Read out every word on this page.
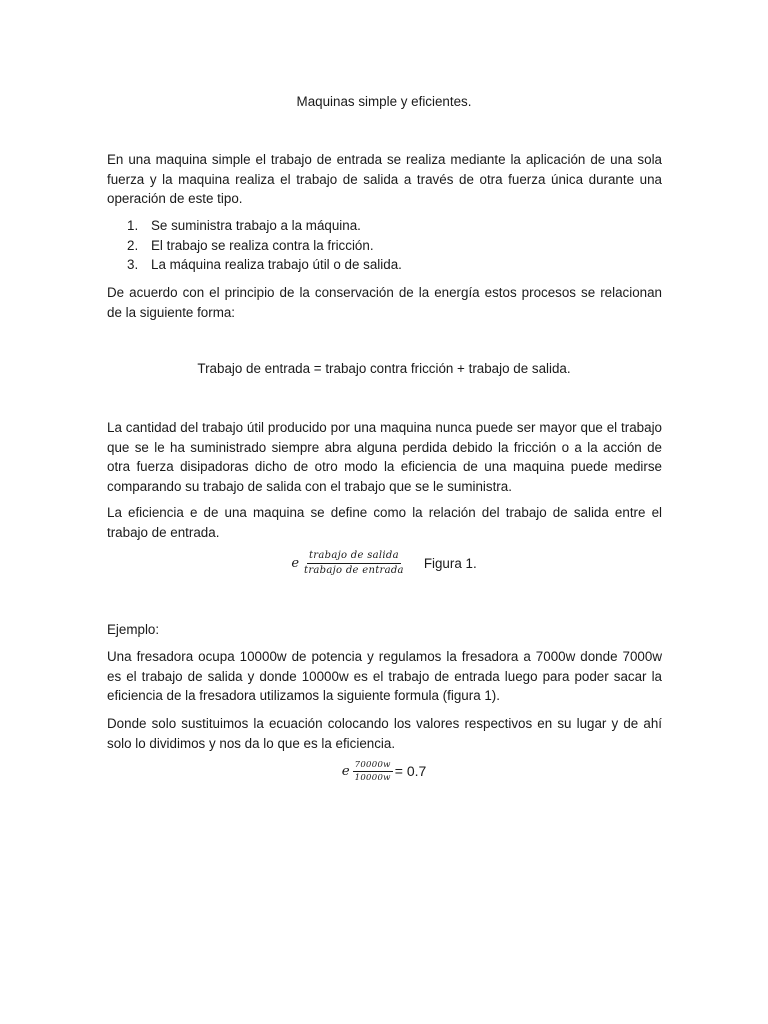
Maquinas simple y eficientes.

En una maquina simple el trabajo de entrada se realiza mediante la aplicación de una sola fuerza y la maquina realiza el trabajo de salida a través de otra fuerza única durante una operación de este tipo.

1. Se suministra trabajo a la máquina.
2. El trabajo se realiza contra la fricción.
3. La máquina realiza trabajo útil o de salida.

De acuerdo con el principio de la conservación de la energía estos procesos se relacionan de la siguiente forma:

Trabajo de entrada = trabajo contra fricción + trabajo de salida.

La cantidad del trabajo útil producido por una maquina nunca puede ser mayor que el trabajo que se le ha suministrado siempre abra alguna perdida debido la fricción o a la acción de otra fuerza disipadoras dicho de otro modo la eficiencia de una maquina puede medirse comparando su trabajo de salida con el trabajo que se le suministra.

La eficiencia e de una maquina se define como la relación del trabajo de salida entre el trabajo de entrada.

e $\frac{\text{trabajo de salida}}{\text{trabajo de entrada}}$ Figura 1.

Ejemplo:

Una fresadora ocupa 10000w de potencia y regulamos la fresadora a 7000w donde 7000w es el trabajo de salida y donde 10000w es el trabajo de entrada luego para poder sacar la eficiencia de la fresadora utilizamos la siguiente formula (figura 1).

Donde solo sustituimos la ecuación colocando los valores respectivos en su lugar y de ahí solo lo dividimos y nos da lo que es la eficiencia.

e $\frac{70000w}{10000w} = 0.7$
